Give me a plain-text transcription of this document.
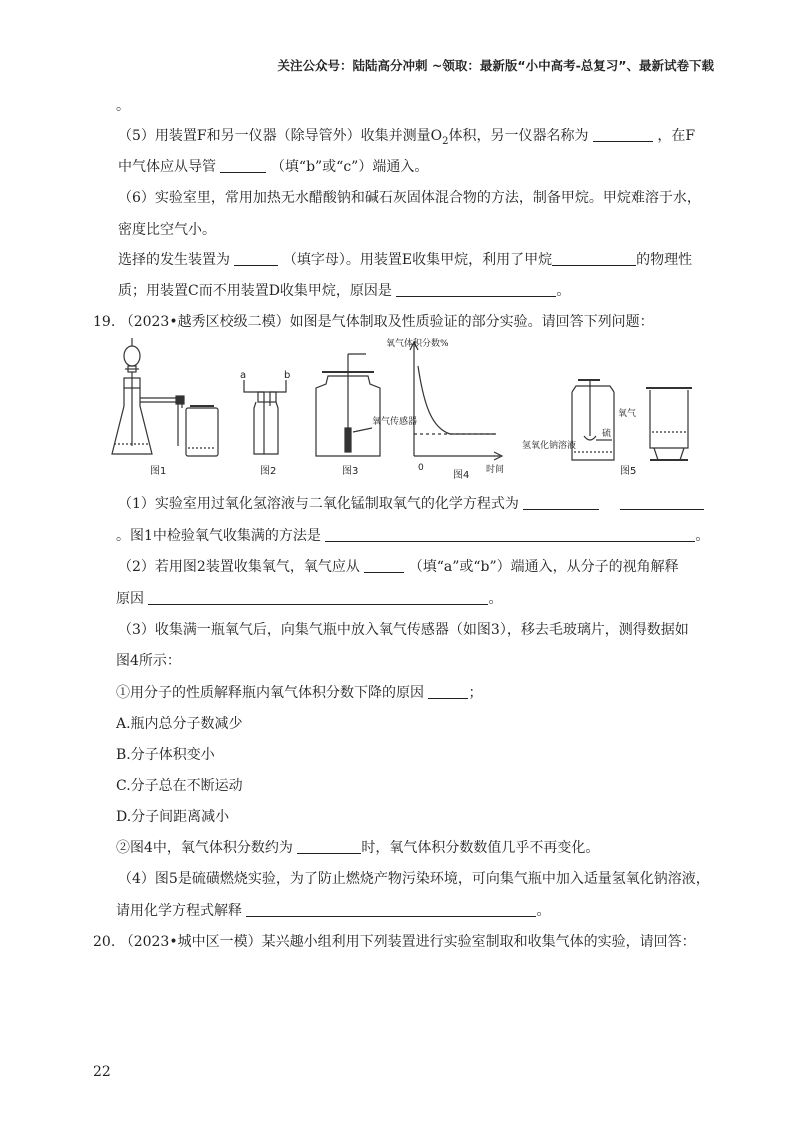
关注公众号：陆陆高分冲刺 ~领取：最新版“小中高考-总复习”、最新试卷下载
。
（5）用装置F和另一仪器（除导管外）收集并测量$O_2$体积，另一仪器名称为	，在F
中气体应从导管	（填“b”或“c”）端通入。
（6）实验室里，常用加热无水醋酸钠和碱石灰固体混合物的方法，制备甲烷。甲烷难溶于水，
密度比空气小。
选择的发生装置为	（填字母）。用装置E收集甲烷，利用了甲烷	的物理性
质；用装置C而不用装置D收集甲烷，原因是	。
19. （2023•越秀区校级二模）如图是气体制取及性质验证的部分实验。请回答下列问题：
图1	图2	图3	图4	图5
a	b
氧气传感器
氧气体积分数%
0	时间
氧气
硫
氢氧化钠溶液
（1）实验室用过氧化氢溶液与二氧化锰制取氧气的化学方程式为
。图1中检验氧气收集满的方法是	。
（2）若用图2装置收集氧气，氧气应从	（填“a”或“b”）端通入，从分子的视角解释
原因	。
（3）收集满一瓶氧气后，向集气瓶中放入氧气传感器（如图3），移去毛玻璃片，测得数据如
图4所示：
①用分子的性质解释瓶内氧气体积分数下降的原因	；
A.瓶内总分子数减少
B.分子体积变小
C.分子总在不断运动
D.分子间距离减小
②图4中，氧气体积分数约为	时，氧气体积分数数值几乎不再变化。
（4）图5是硫磺燃烧实验，为了防止燃烧产物污染环境，可向集气瓶中加入适量氢氧化钠溶液，
请用化学方程式解释	。
20. （2023•城中区一模）某兴趣小组利用下列装置进行实验室制取和收集气体的实验，请回答：
22
